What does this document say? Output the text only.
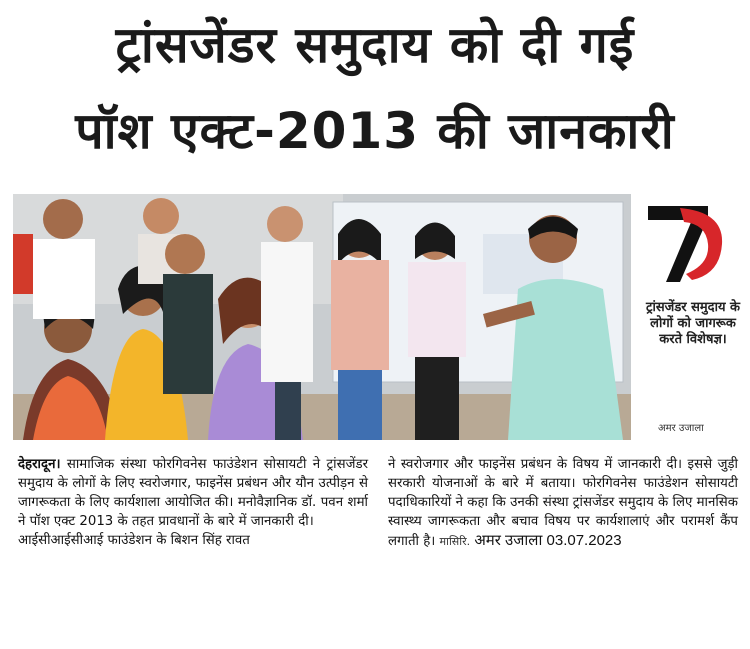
ट्रांसजेंडर समुदाय को दी गई
पॉश एक्ट-2013 की जानकारी
ट्रांसजेंडर समुदाय के लोगों को जागरूक करते विशेषज्ञ।
अमर उजाला
देहरादून। सामाजिक संस्था फोरगिवनेस फाउंडेशन सोसायटी ने ट्रांसजेंडर समुदाय के लोगों के लिए स्वरोजगार, फाइनेंस प्रबंधन और यौन उत्पीड़न से जागरूकता के लिए कार्यशाला आयोजित की। मनोवैज्ञानिक डॉ. पवन शर्मा ने पॉश एक्ट 2013 के तहत प्रावधानों के बारे में जानकारी दी।
आईसीआईसीआई फाउंडेशन के बिशन सिंह रावत
ने स्वरोजगार और फाइनेंस प्रबंधन के विषय में जानकारी दी। इससे जुड़ी सरकारी योजनाओं के बारे में बताया। फोरगिवनेस फाउंडेशन सोसायटी पदाधिकारियों ने कहा कि उनकी संस्था ट्रांसजेंडर समुदाय के लिए मानसिक स्वास्थ्य जागरूकता और बचाव विषय पर कार्यशालाएं और परामर्श कैंप लगाती है। मासिरि. अमर उजाला 03.07.2023
